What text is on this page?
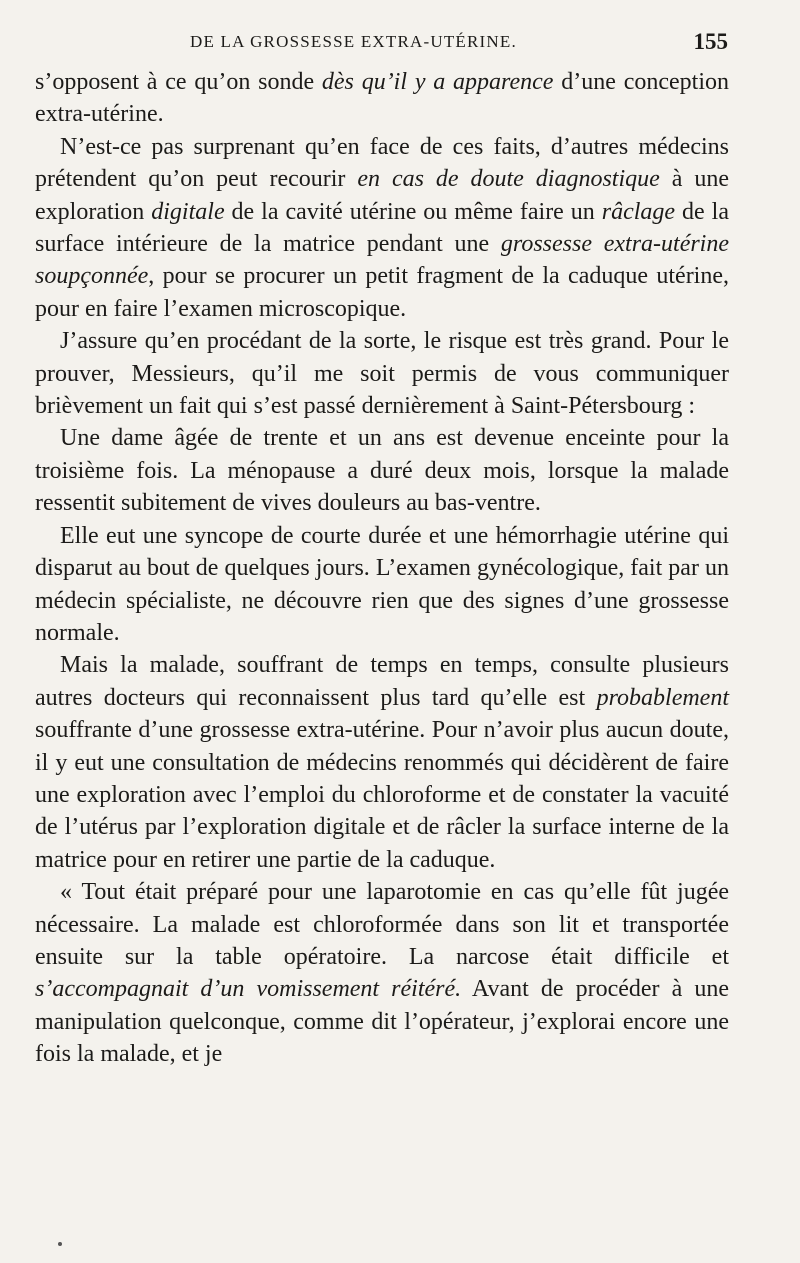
DE LA GROSSESSE EXTRA-UTÉRINE.	155

s’opposent à ce qu’on sonde dès qu’il y a apparence d’une conception extra-utérine.

N’est-ce pas surprenant qu’en face de ces faits, d’autres médecins prétendent qu’on peut recourir en cas de doute diagnostique à une exploration digitale de la cavité utérine ou même faire un râclage de la surface intérieure de la matrice pendant une grossesse extra-utérine soupçonnée, pour se procurer un petit fragment de la caduque utérine, pour en faire l’examen microscopique.

J’assure qu’en procédant de la sorte, le risque est très grand. Pour le prouver, Messieurs, qu’il me soit permis de vous communiquer brièvement un fait qui s’est passé dernièrement à Saint-Pétersbourg :

Une dame âgée de trente et un ans est devenue enceinte pour la troisième fois. La ménopause a duré deux mois, lorsque la malade ressentit subitement de vives douleurs au bas-ventre.

Elle eut une syncope de courte durée et une hémorrhagie utérine qui disparut au bout de quelques jours. L’examen gynécologique, fait par un médecin spécialiste, ne découvre rien que des signes d’une grossesse normale.

Mais la malade, souffrant de temps en temps, consulte plusieurs autres docteurs qui reconnaissent plus tard qu’elle est probablement souffrante d’une grossesse extra-utérine. Pour n’avoir plus aucun doute, il y eut une consultation de médecins renommés qui décidèrent de faire une exploration avec l’emploi du chloroforme et de constater la vacuité de l’utérus par l’exploration digitale et de râcler la surface interne de la matrice pour en retirer une partie de la caduque.

« Tout était préparé pour une laparotomie en cas qu’elle fût jugée nécessaire. La malade est chloroformée dans son lit et transportée ensuite sur la table opératoire. La narcose était difficile et s’accompagnait d’un vomissement réitéré. Avant de procéder à une manipulation quelconque, comme dit l’opérateur, j’explorai encore une fois la malade, et je
